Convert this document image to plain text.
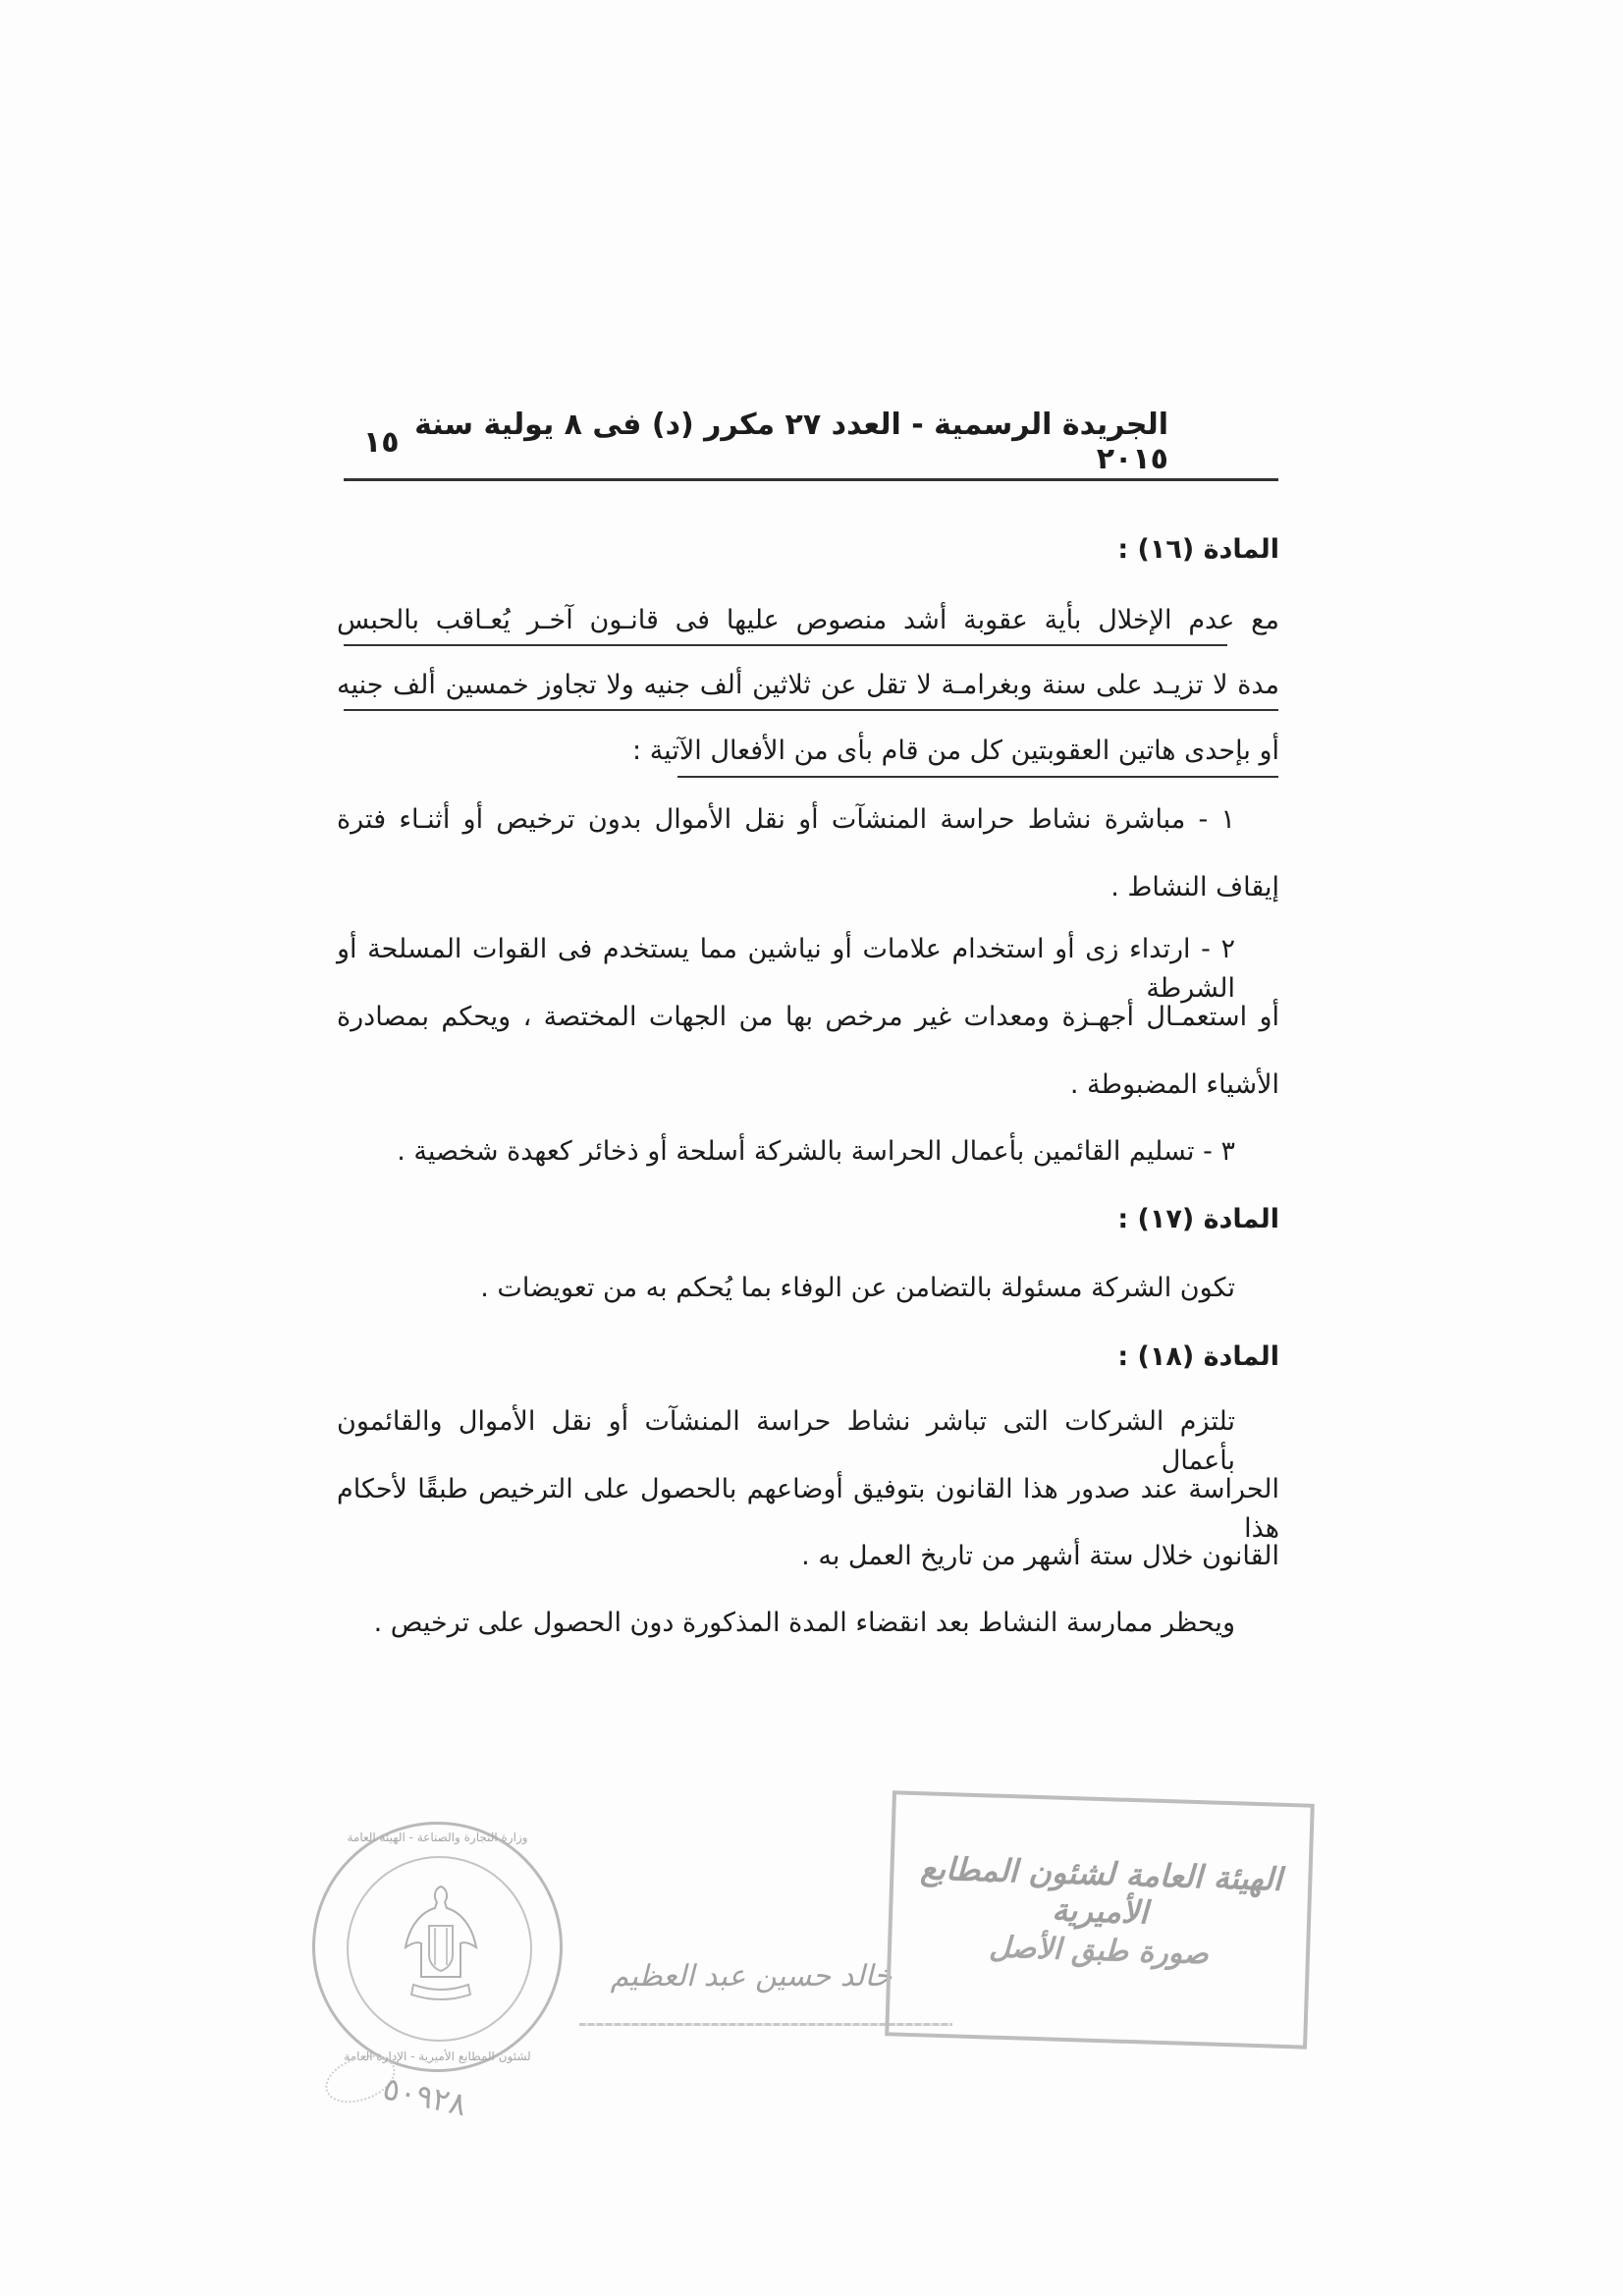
١٥ الجريدة الرسمية - العدد ٢٧ مكرر (د) فى ٨ يولية سنة ٢٠١٥
المادة (١٦) :
مع عدم الإخلال بأية عقوبة أشد منصوص عليها فى قانـون آخـر يُعـاقب بالحبس
مدة لا تزيـد على سنة وبغرامـة لا تقل عن ثلاثين ألف جنيه ولا تجاوز خمسين ألف جنيه
أو بإحدى هاتين العقوبتين كل من قام بأى من الأفعال الآتية :
١ - مباشرة نشاط حراسة المنشآت أو نقل الأموال بدون ترخيص أو أثنـاء فترة
إيقاف النشاط .
٢ - ارتداء زى أو استخدام علامات أو نياشين مما يستخدم فى القوات المسلحة أو الشرطة
أو استعمـال أجهـزة ومعدات غير مرخص بها من الجهات المختصة ، ويحكم بمصادرة
الأشياء المضبوطة .
٣ - تسليم القائمين بأعمال الحراسة بالشركة أسلحة أو ذخائر كعهدة شخصية .
المادة (١٧) :
تكون الشركة مسئولة بالتضامن عن الوفاء بما يُحكم به من تعويضات .
المادة (١٨) :
تلتزم الشركات التى تباشر نشاط حراسة المنشآت أو نقل الأموال والقائمون بأعمال
الحراسة عند صدور هذا القانون بتوفيق أوضاعهم بالحصول على الترخيص طبقًا لأحكام هذا
القانون خلال ستة أشهر من تاريخ العمل به .
ويحظر ممارسة النشاط بعد انقضاء المدة المذكورة دون الحصول على ترخيص .
وزارة التجارة والصناعة - الهيئة العامة
لشئون المطابع الأميرية - الإدارة العامة
خالد حسين عبد العظيم
الهيئة العامة لشئون المطابع الأميرية
صورة طبق الأصل
٥٠٩٢٨
